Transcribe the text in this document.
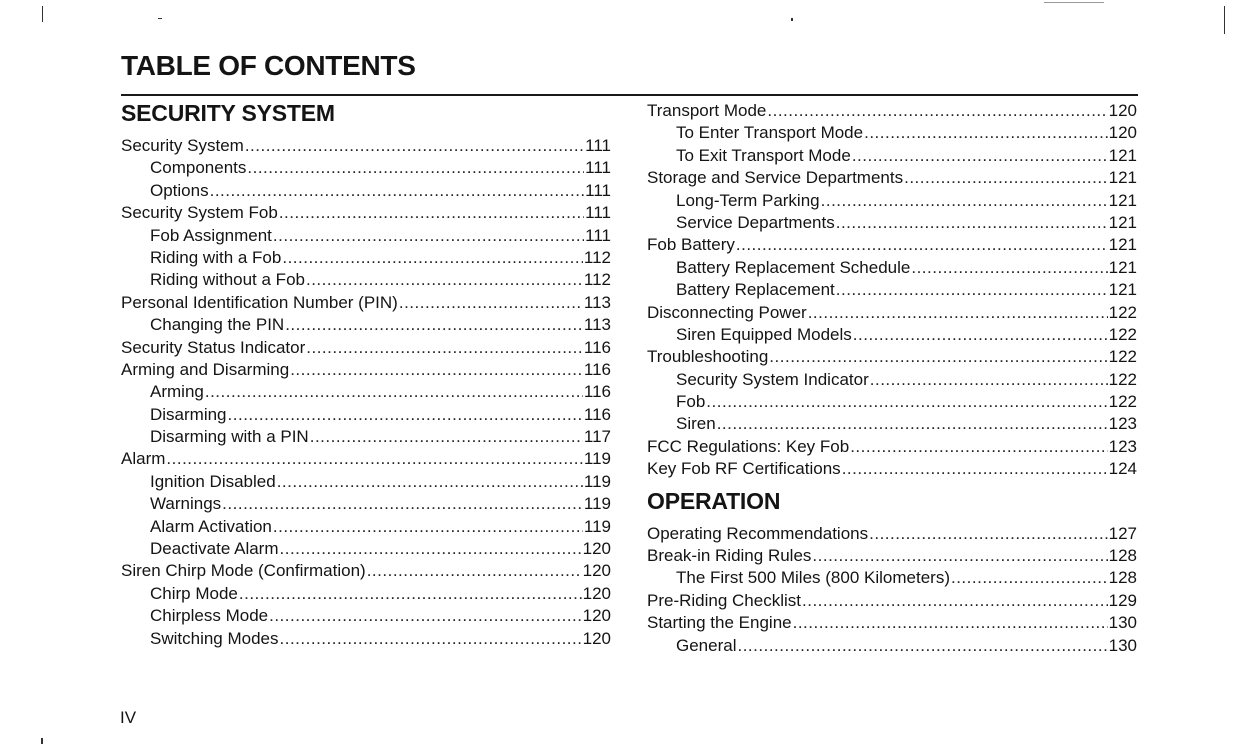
TABLE OF CONTENTS
SECURITY SYSTEM
Security System .....	111
Components .....	111
Options .....	111
Security System Fob .....	111
Fob Assignment .....	111
Riding with a Fob .....	112
Riding without a Fob .....	112
Personal Identification Number (PIN) .....	113
Changing the PIN .....	113
Security Status Indicator .....	116
Arming and Disarming .....	116
Arming .....	116
Disarming .....	116
Disarming with a PIN .....	117
Alarm .....	119
Ignition Disabled .....	119
Warnings .....	119
Alarm Activation .....	119
Deactivate Alarm .....	120
Siren Chirp Mode (Confirmation) .....	120
Chirp Mode .....	120
Chirpless Mode .....	120
Switching Modes .....	120
Transport Mode .....	120
To Enter Transport Mode .....	120
To Exit Transport Mode .....	121
Storage and Service Departments .....	121
Long-Term Parking .....	121
Service Departments .....	121
Fob Battery .....	121
Battery Replacement Schedule .....	121
Battery Replacement .....	121
Disconnecting Power .....	122
Siren Equipped Models .....	122
Troubleshooting .....	122
Security System Indicator .....	122
Fob .....	122
Siren .....	123
FCC Regulations: Key Fob .....	123
Key Fob RF Certifications .....	124
OPERATION
Operating Recommendations .....	127
Break-in Riding Rules .....	128
The First 500 Miles (800 Kilometers) .....	128
Pre-Riding Checklist .....	129
Starting the Engine .....	130
General .....	130
IV
